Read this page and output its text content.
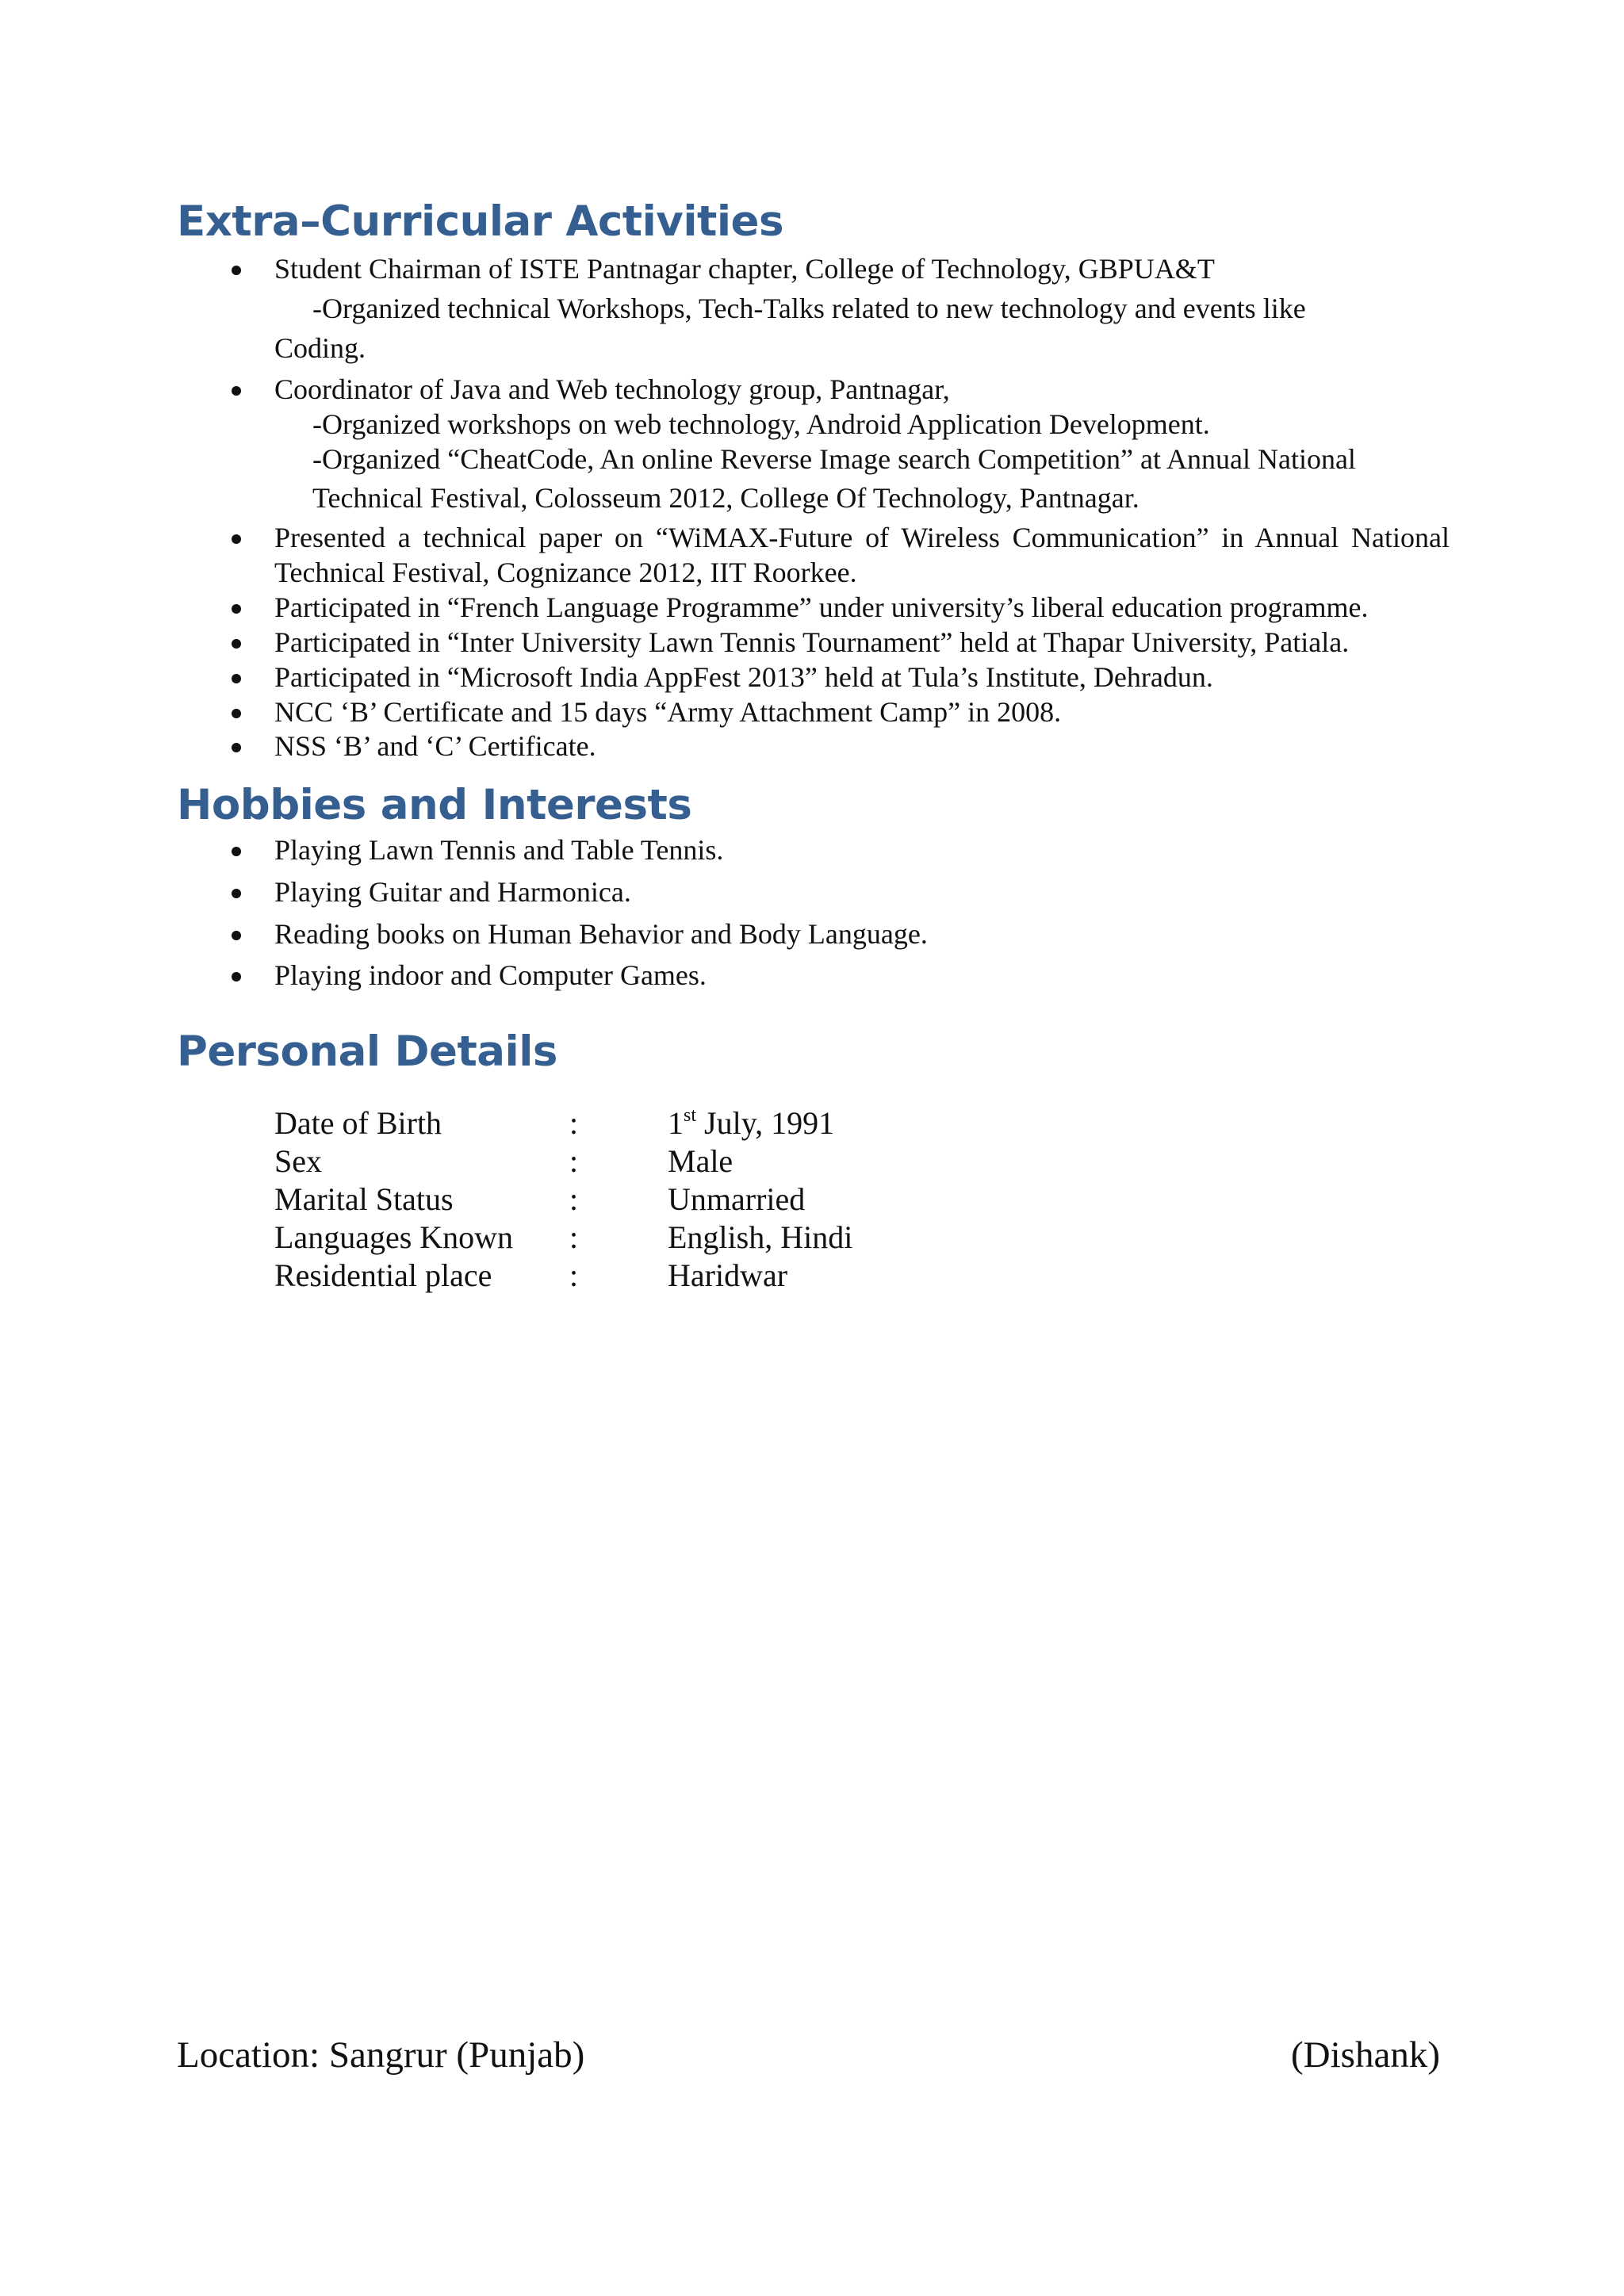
Extra–Curricular Activities
Student Chairman of ISTE Pantnagar chapter, College of Technology, GBPUA&T
-Organized technical Workshops, Tech-Talks related to new technology and events like
Coding.
Coordinator of Java and Web technology group, Pantnagar,
-Organized workshops on web technology, Android Application Development.
-Organized “CheatCode, An online Reverse Image search Competition” at Annual National
Technical Festival, Colosseum 2012, College Of Technology, Pantnagar.
Presented a technical paper on “WiMAX-Future of Wireless Communication” in Annual National Technical Festival, Cognizance 2012, IIT Roorkee.
Participated in “French Language Programme” under university’s liberal education programme.
Participated in “Inter University Lawn Tennis Tournament” held at Thapar University, Patiala.
Participated in “Microsoft India AppFest 2013” held at Tula’s Institute, Dehradun.
NCC ‘B’ Certificate and 15 days “Army Attachment Camp” in 2008.
NSS ‘B’ and ‘C’ Certificate.
Hobbies and Interests
Playing Lawn Tennis and Table Tennis.
Playing Guitar and Harmonica.
Reading books on Human Behavior and Body Language.
Playing indoor and Computer Games.
Personal Details
Date of Birth	:	1st July, 1991
Sex	:	Male
Marital Status	:	Unmarried
Languages Known :	English, Hindi
Residential place :	Haridwar
Location: Sangrur (Punjab)	(Dishank)
